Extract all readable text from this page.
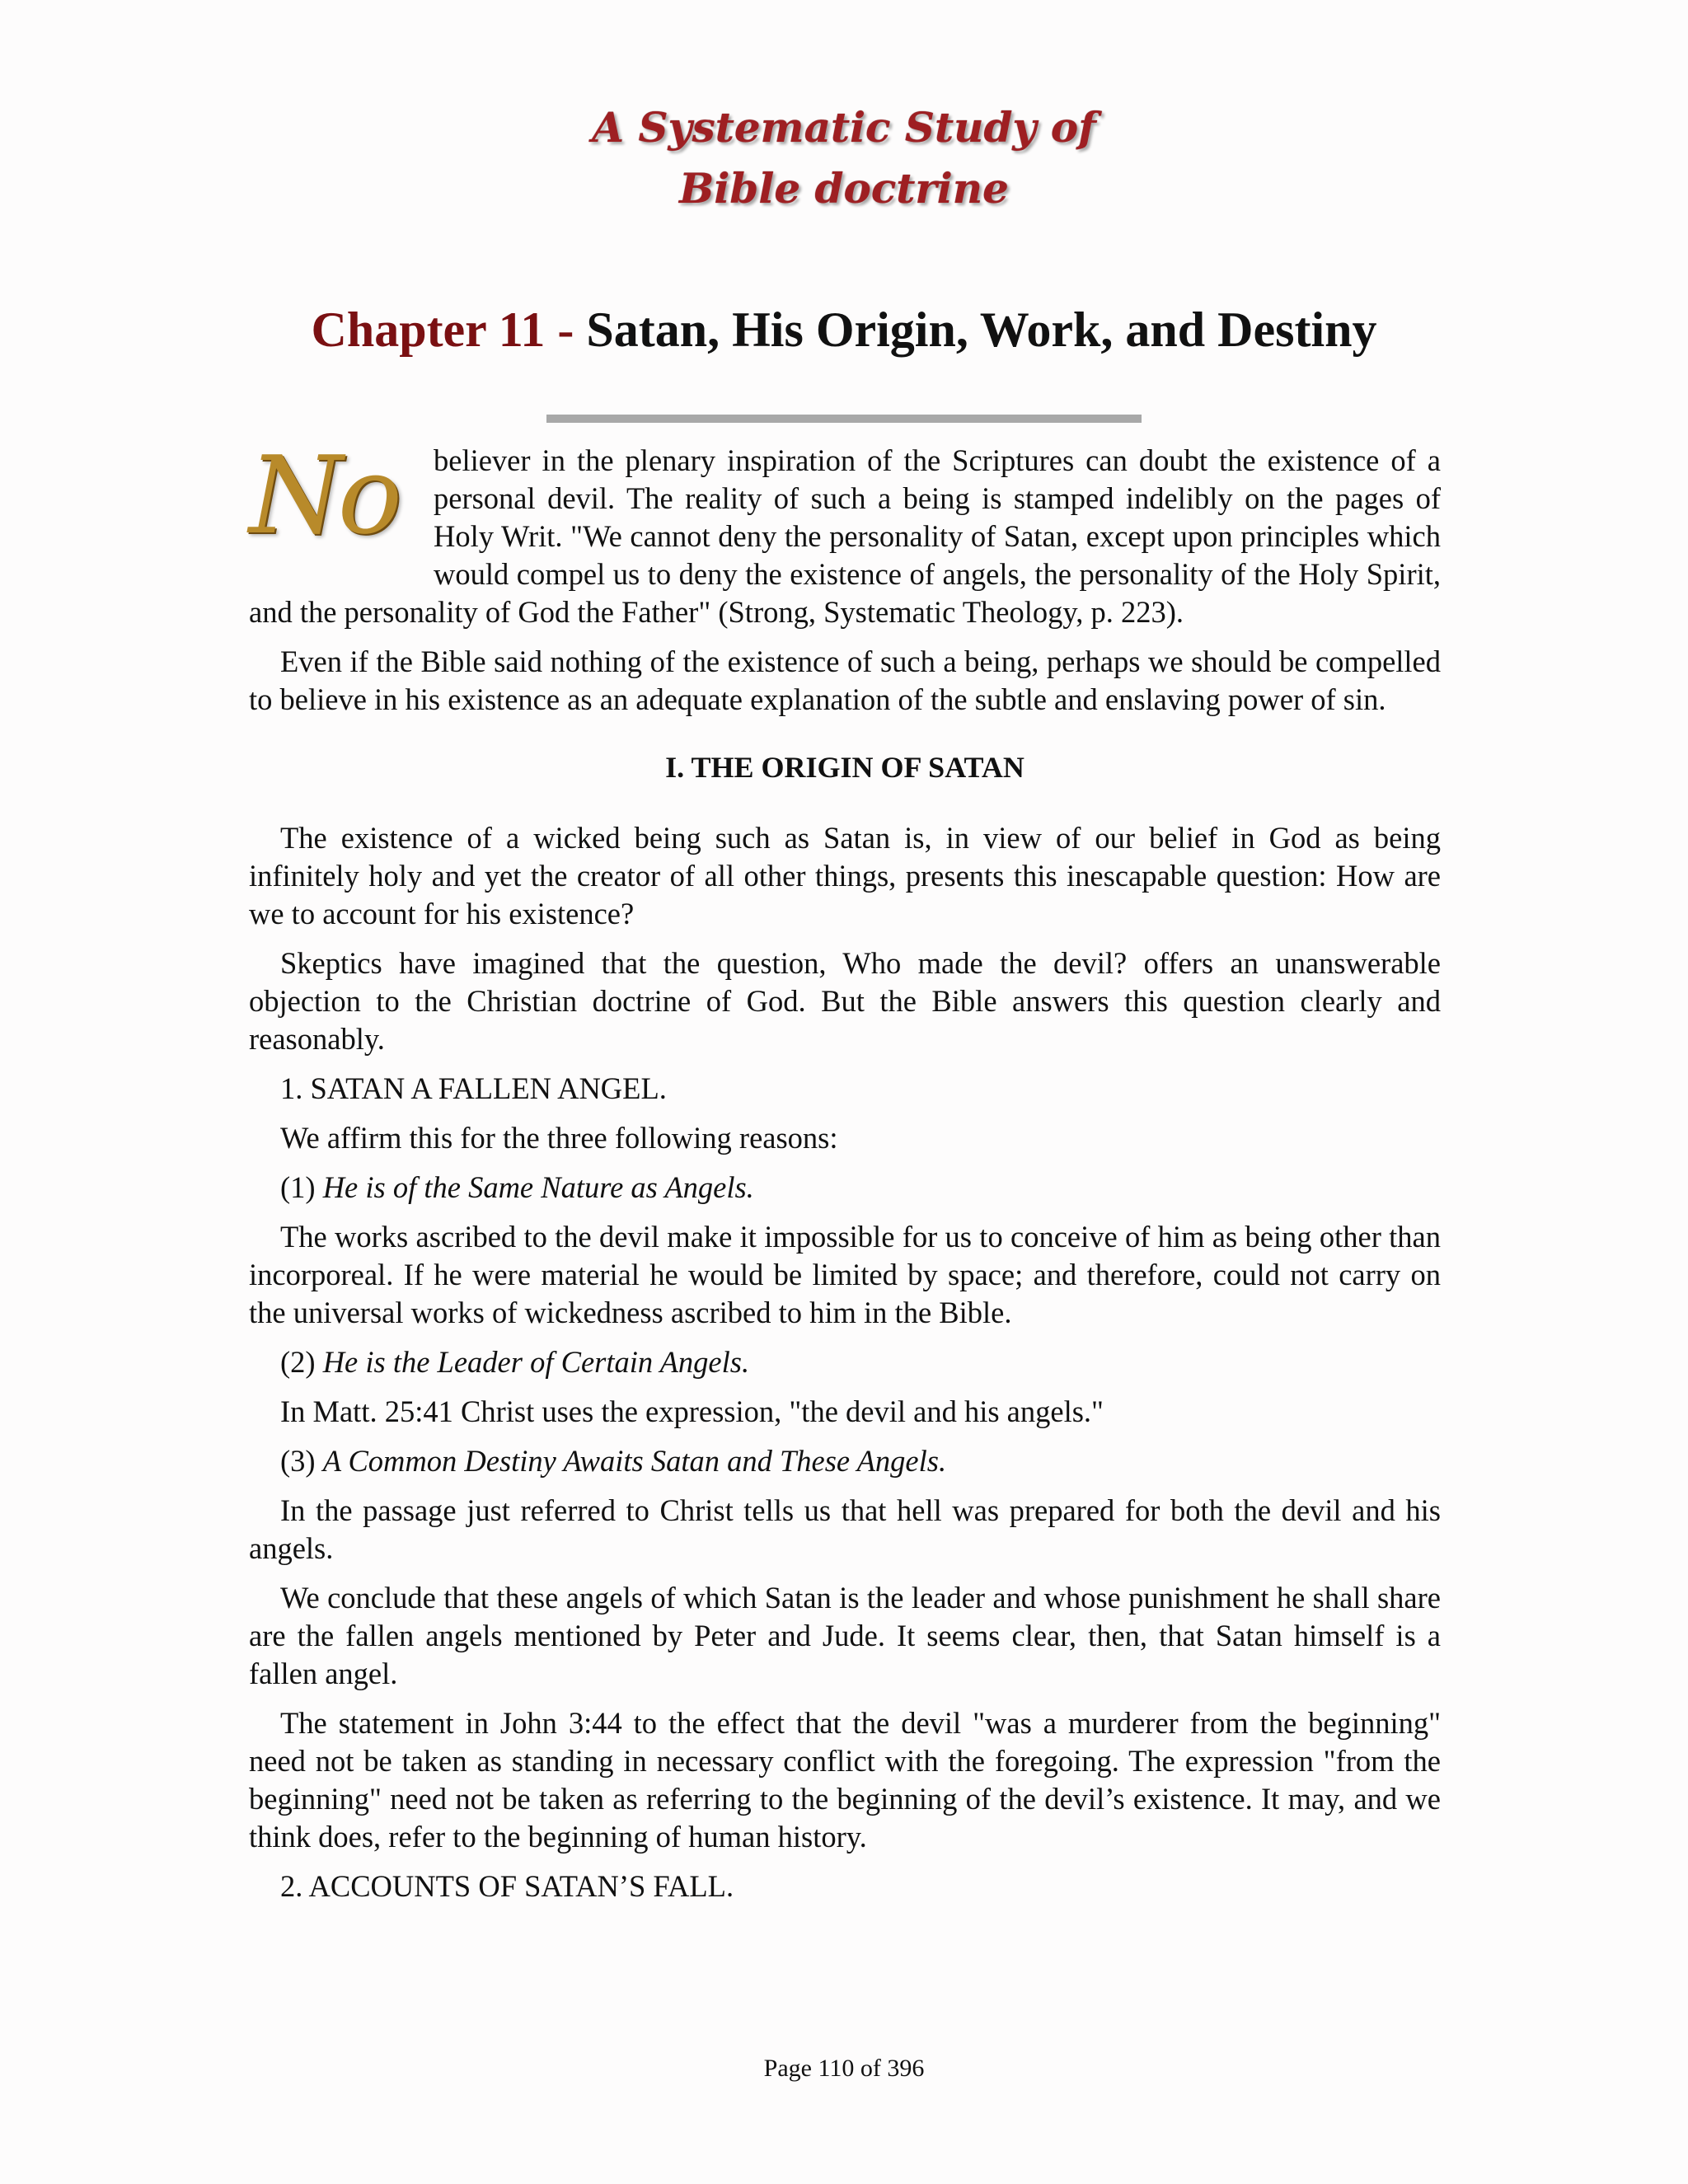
A Systematic Study of
Bible doctrine
Chapter 11 - Satan, His Origin, Work, and Destiny

No believer in the plenary inspiration of the Scriptures can doubt the existence of a personal devil. The reality of such a being is stamped indelibly on the pages of Holy Writ. "We cannot deny the personality of Satan, except upon principles which would compel us to deny the existence of angels, the personality of the Holy Spirit, and the personality of God the Father" (Strong, Systematic Theology, p. 223).

Even if the Bible said nothing of the existence of such a being, perhaps we should be compelled to believe in his existence as an adequate explanation of the subtle and enslaving power of sin.

I. THE ORIGIN OF SATAN

The existence of a wicked being such as Satan is, in view of our belief in God as being infinitely holy and yet the creator of all other things, presents this inescapable question: How are we to account for his existence?

Skeptics have imagined that the question, Who made the devil? offers an unanswerable objection to the Christian doctrine of God. But the Bible answers this question clearly and reasonably.

1. SATAN A FALLEN ANGEL.

We affirm this for the three following reasons:

(1) He is of the Same Nature as Angels.

The works ascribed to the devil make it impossible for us to conceive of him as being other than incorporeal. If he were material he would be limited by space; and therefore, could not carry on the universal works of wickedness ascribed to him in the Bible.

(2) He is the Leader of Certain Angels.

In Matt. 25:41 Christ uses the expression, "the devil and his angels."

(3) A Common Destiny Awaits Satan and These Angels.

In the passage just referred to Christ tells us that hell was prepared for both the devil and his angels.

We conclude that these angels of which Satan is the leader and whose punishment he shall share are the fallen angels mentioned by Peter and Jude. It seems clear, then, that Satan himself is a fallen angel.

The statement in John 3:44 to the effect that the devil "was a murderer from the beginning" need not be taken as standing in necessary conflict with the foregoing. The expression "from the beginning" need not be taken as referring to the beginning of the devil’s existence. It may, and we think does, refer to the beginning of human history.

2. ACCOUNTS OF SATAN’S FALL.

Page 110 of 396
